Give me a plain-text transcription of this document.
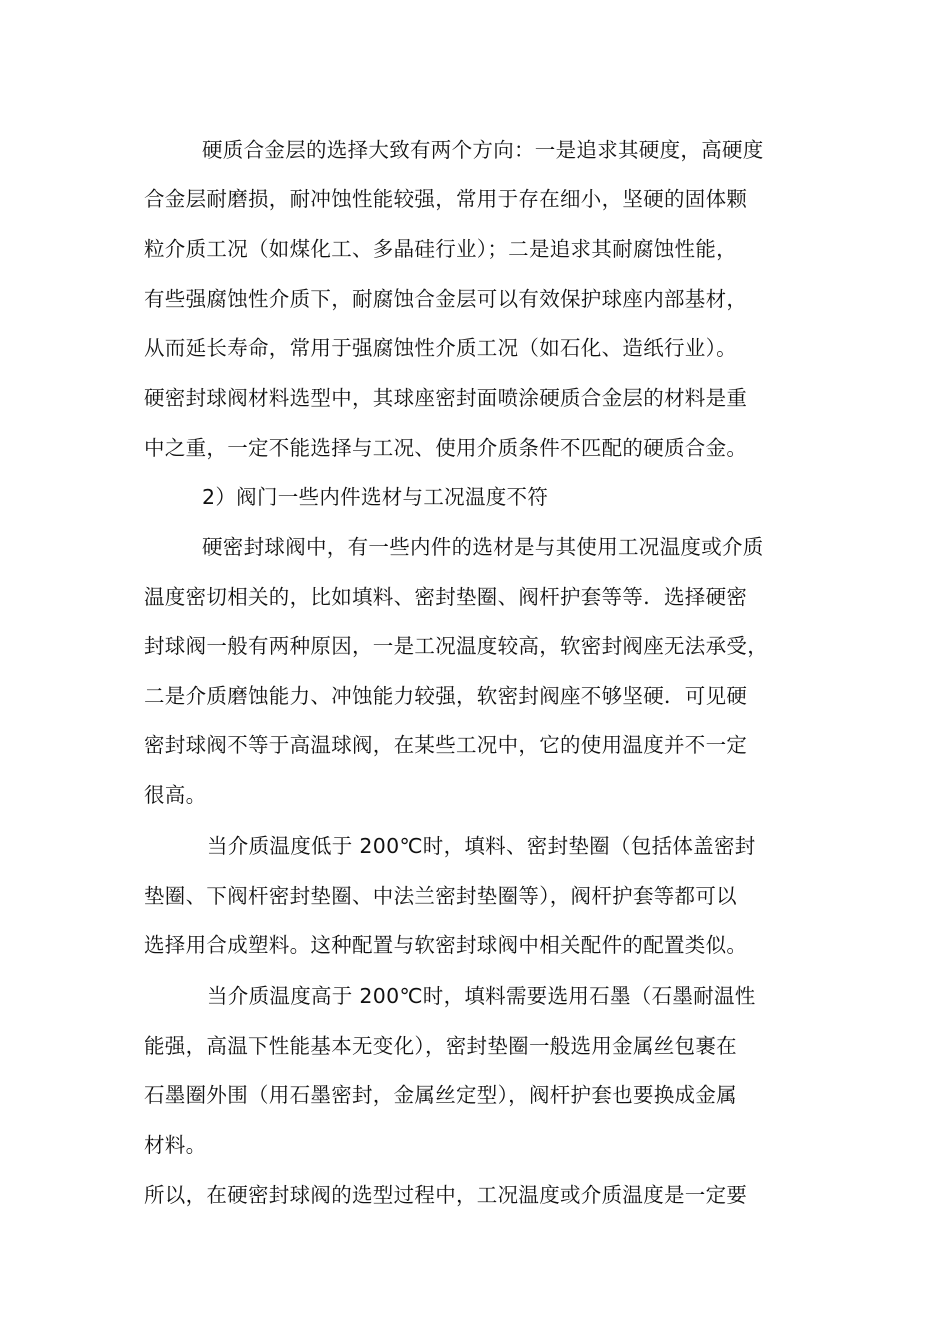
硬质合金层的选择大致有两个方向：一是追求其硬度，高硬度
合金层耐磨损，耐冲蚀性能较强，常用于存在细小，坚硬的固体颗
粒介质工况（如煤化工、多晶硅行业）；二是追求其耐腐蚀性能，
有些强腐蚀性介质下，耐腐蚀合金层可以有效保护球座内部基材，
从而延长寿命，常用于强腐蚀性介质工况（如石化、造纸行业）。
硬密封球阀材料选型中，其球座密封面喷涂硬质合金层的材料是重
中之重，一定不能选择与工况、使用介质条件不匹配的硬质合金。
2）阀门一些内件选材与工况温度不符
硬密封球阀中，有一些内件的选材是与其使用工况温度或介质
温度密切相关的，比如填料、密封垫圈、阀杆护套等等．选择硬密
封球阀一般有两种原因，一是工况温度较高，软密封阀座无法承受，
二是介质磨蚀能力、冲蚀能力较强，软密封阀座不够坚硬．可见硬
密封球阀不等于高温球阀，在某些工况中，它的使用温度并不一定
很高。
当介质温度低于 200℃时，填料、密封垫圈（包括体盖密封
垫圈、下阀杆密封垫圈、中法兰密封垫圈等），阀杆护套等都可以
选择用合成塑料。这种配置与软密封球阀中相关配件的配置类似。
当介质温度高于 200℃时，填料需要选用石墨（石墨耐温性
能强，高温下性能基本无变化），密封垫圈一般选用金属丝包裹在
石墨圈外围（用石墨密封，金属丝定型），阀杆护套也要换成金属
材料。
所以，在硬密封球阀的选型过程中，工况温度或介质温度是一定要
